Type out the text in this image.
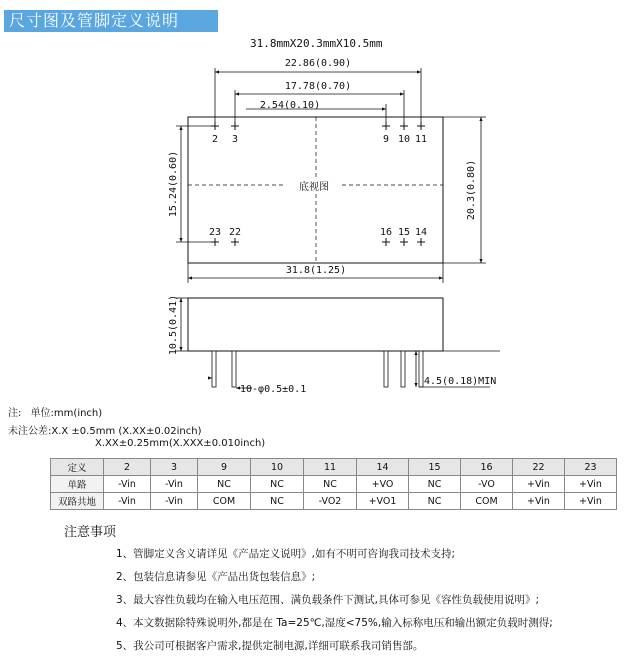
尺寸图及管脚定义说明
31.8mmX20.3mmX10.5mm
底视图
2 3	9 10 11
23 22	16 15 14
22.86(0.90)
17.78(0.70)
2.54(0.10)
15.24(0.60)	20.3(0.80)
31.8(1.25)
10.5(0.41)
10-φ0.5±0.1
4.5(0.18)MIN
注: 单位:mm(inch)
未注公差:X.X ±0.5mm (X.XX±0.02inch)
X.XX±0.25mm(X.XXX±0.010inch)
定义	2	3	9	10	11	14	15	16	22	23
单路	-Vin	-Vin	NC	NC	NC	+VO	NC	-VO	+Vin	+Vin
双路共地	-Vin	-Vin	COM	NC	-VO2	+VO1	NC	COM	+Vin	+Vin
注意事项
1、管脚定义含义请详见《产品定义说明》,如有不明可咨询我司技术支持;
2、包装信息请参见《产品出货包装信息》;
3、最大容性负载均在输入电压范围、满负载条件下测试,具体可参见《容性负载使用说明》;
4、本文数据除特殊说明外,都是在 Ta=25℃,湿度<75%,输入标称电压和输出额定负载时测得;
5、我公司可根据客户需求,提供定制电源,详细可联系我司销售部。
